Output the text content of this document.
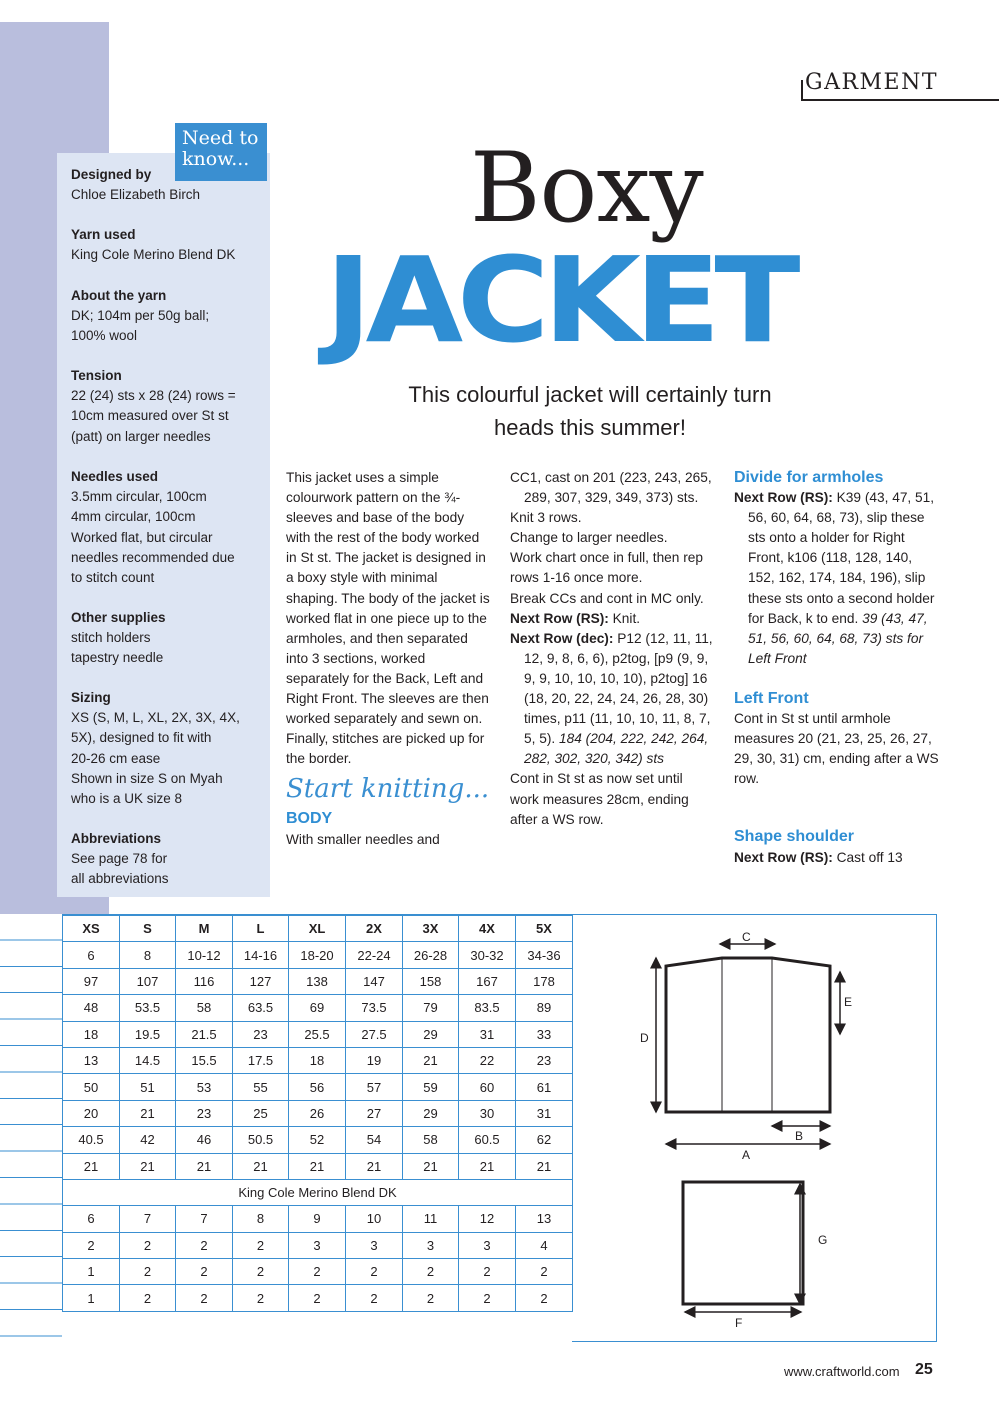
Need to
know...
GARMENT
Boxy
JACKET
This colourful jacket will certainly turn
heads this summer!
Designed by
Chloe Elizabeth Birch
Yarn used
King Cole Merino Blend DK
About the yarn
DK; 104m per 50g ball;
100% wool
Tension
22 (24) sts x 28 (24) rows =
10cm measured over St st
(patt) on larger needles
Needles used
3.5mm circular, 100cm
4mm circular, 100cm
Worked flat, but circular
needles recommended due
to stitch count
Other supplies
stitch holders
tapestry needle
Sizing
XS (S, M, L, XL, 2X, 3X, 4X,
5X), designed to fit with
20-26 cm ease
Shown in size S on Myah
who is a UK size 8
Abbreviations
See page 78 for
all abbreviations

This jacket uses a simple colourwork pattern on the ¾-sleeves and base of the body with the rest of the body worked in St st. The jacket is designed in a boxy style with minimal shaping. The body of the jacket is worked flat in one piece up to the armholes, and then separated into 3 sections, worked separately for the Back, Left and Right Front. The sleeves are then worked separately and sewn on. Finally, stitches are picked up for the border.

Start knitting...
BODY

With smaller needles and

CC1, cast on 201 (223, 243, 265, 289, 307, 329, 349, 373) sts.

Knit 3 rows.

Change to larger needles.

Work chart once in full, then rep rows 1-16 once more.

Break CCs and cont in MC only.

Next Row (RS): Knit.

Next Row (dec): P12 (12, 11, 11, 12, 9, 8, 6, 6), p2tog, [p9 (9, 9, 9, 9, 10, 10, 10, 10), p2tog] 16 (18, 20, 22, 24, 24, 26, 28, 30) times, p11 (11, 10, 10, 11, 8, 7, 5, 5). 184 (204, 222, 242, 264, 282, 302, 320, 342) sts

Cont in St st as now set until work measures 28cm, ending after a WS row.

Divide for armholes

Next Row (RS): K39 (43, 47, 51, 56, 60, 64, 68, 73), slip these sts onto a holder for Right Front, k106 (118, 128, 140, 152, 162, 174, 184, 196), slip these sts onto a second holder for Back, k to end. 39 (43, 47, 51, 56, 60, 64, 68, 73) sts for Left Front

Left Front

Cont in St st until armhole measures 20 (21, 23, 25, 26, 27, 29, 30, 31) cm, ending after a WS row.

Shape shoulder

Next Row (RS): Cast off 13

XS	S	M	L	XL	2X	3X	4X	5X
6	8	10-12	14-16	18-20	22-24	26-28	30-32	34-36
97	107	116	127	138	147	158	167	178
48	53.5	58	63.5	69	73.5	79	83.5	89
18	19.5	21.5	23	25.5	27.5	29	31	33
13	14.5	15.5	17.5	18	19	21	22	23
50	51	53	55	56	57	59	60	61
20	21	23	25	26	27	29	30	31
40.5	42	46	50.5	52	54	58	60.5	62
21	21	21	21	21	21	21	21	21
King Cole Merino Blend DK								
6	7	7	8	9	10	11	12	13
2	2	2	2	3	3	3	3	4
1	2	2	2	2	2	2	2	2
1	2	2	2	2	2	2	2	2
C
E
D
B
A
G
F
www.craftworld.com 25
